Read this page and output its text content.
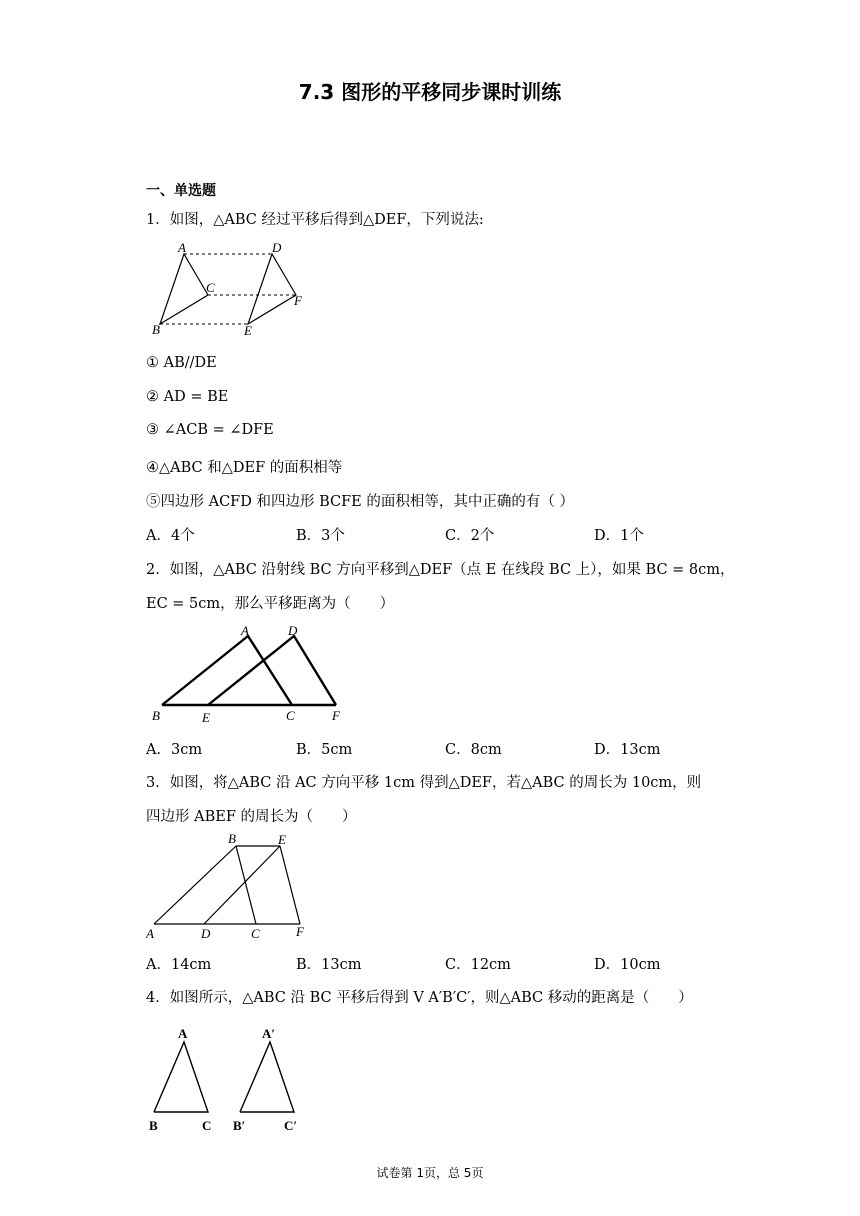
7.3 图形的平移同步课时训练
一、单选题
1．如图，△ABC 经过平移后得到△DEF，下列说法:
A
B
C
D
E
F
① AB//DE
② AD = BE
③ ∠ACB = ∠DFE
④△ABC 和△DEF 的面积相等
⑤四边形 ACFD 和四边形 BCFE 的面积相等，其中正确的有（ ）
A．4个	B．3个	C．2个	D．1个
2．如图，△ABC 沿射线 BC 方向平移到△DEF（点 E 在线段 BC 上），如果 BC = 8cm，
EC = 5cm，那么平移距离为（　　）
A	D
B	E	C	F
A．3cm	B．5cm	C．8cm	D．13cm
3．如图，将△ABC 沿 AC 方向平移 1cm 得到△DEF，若△ABC 的周长为 10cm，则
四边形 ABEF 的周长为（　　）
B	E
A	D	C	F
A．14cm	B．13cm	C．12cm	D．10cm
4．如图所示，△ABC 沿 BC 平移后得到 V A′B′C′，则△ABC 移动的距离是（　　）
A	A′
B	C B′	C′
试卷第 1页，总 5页
